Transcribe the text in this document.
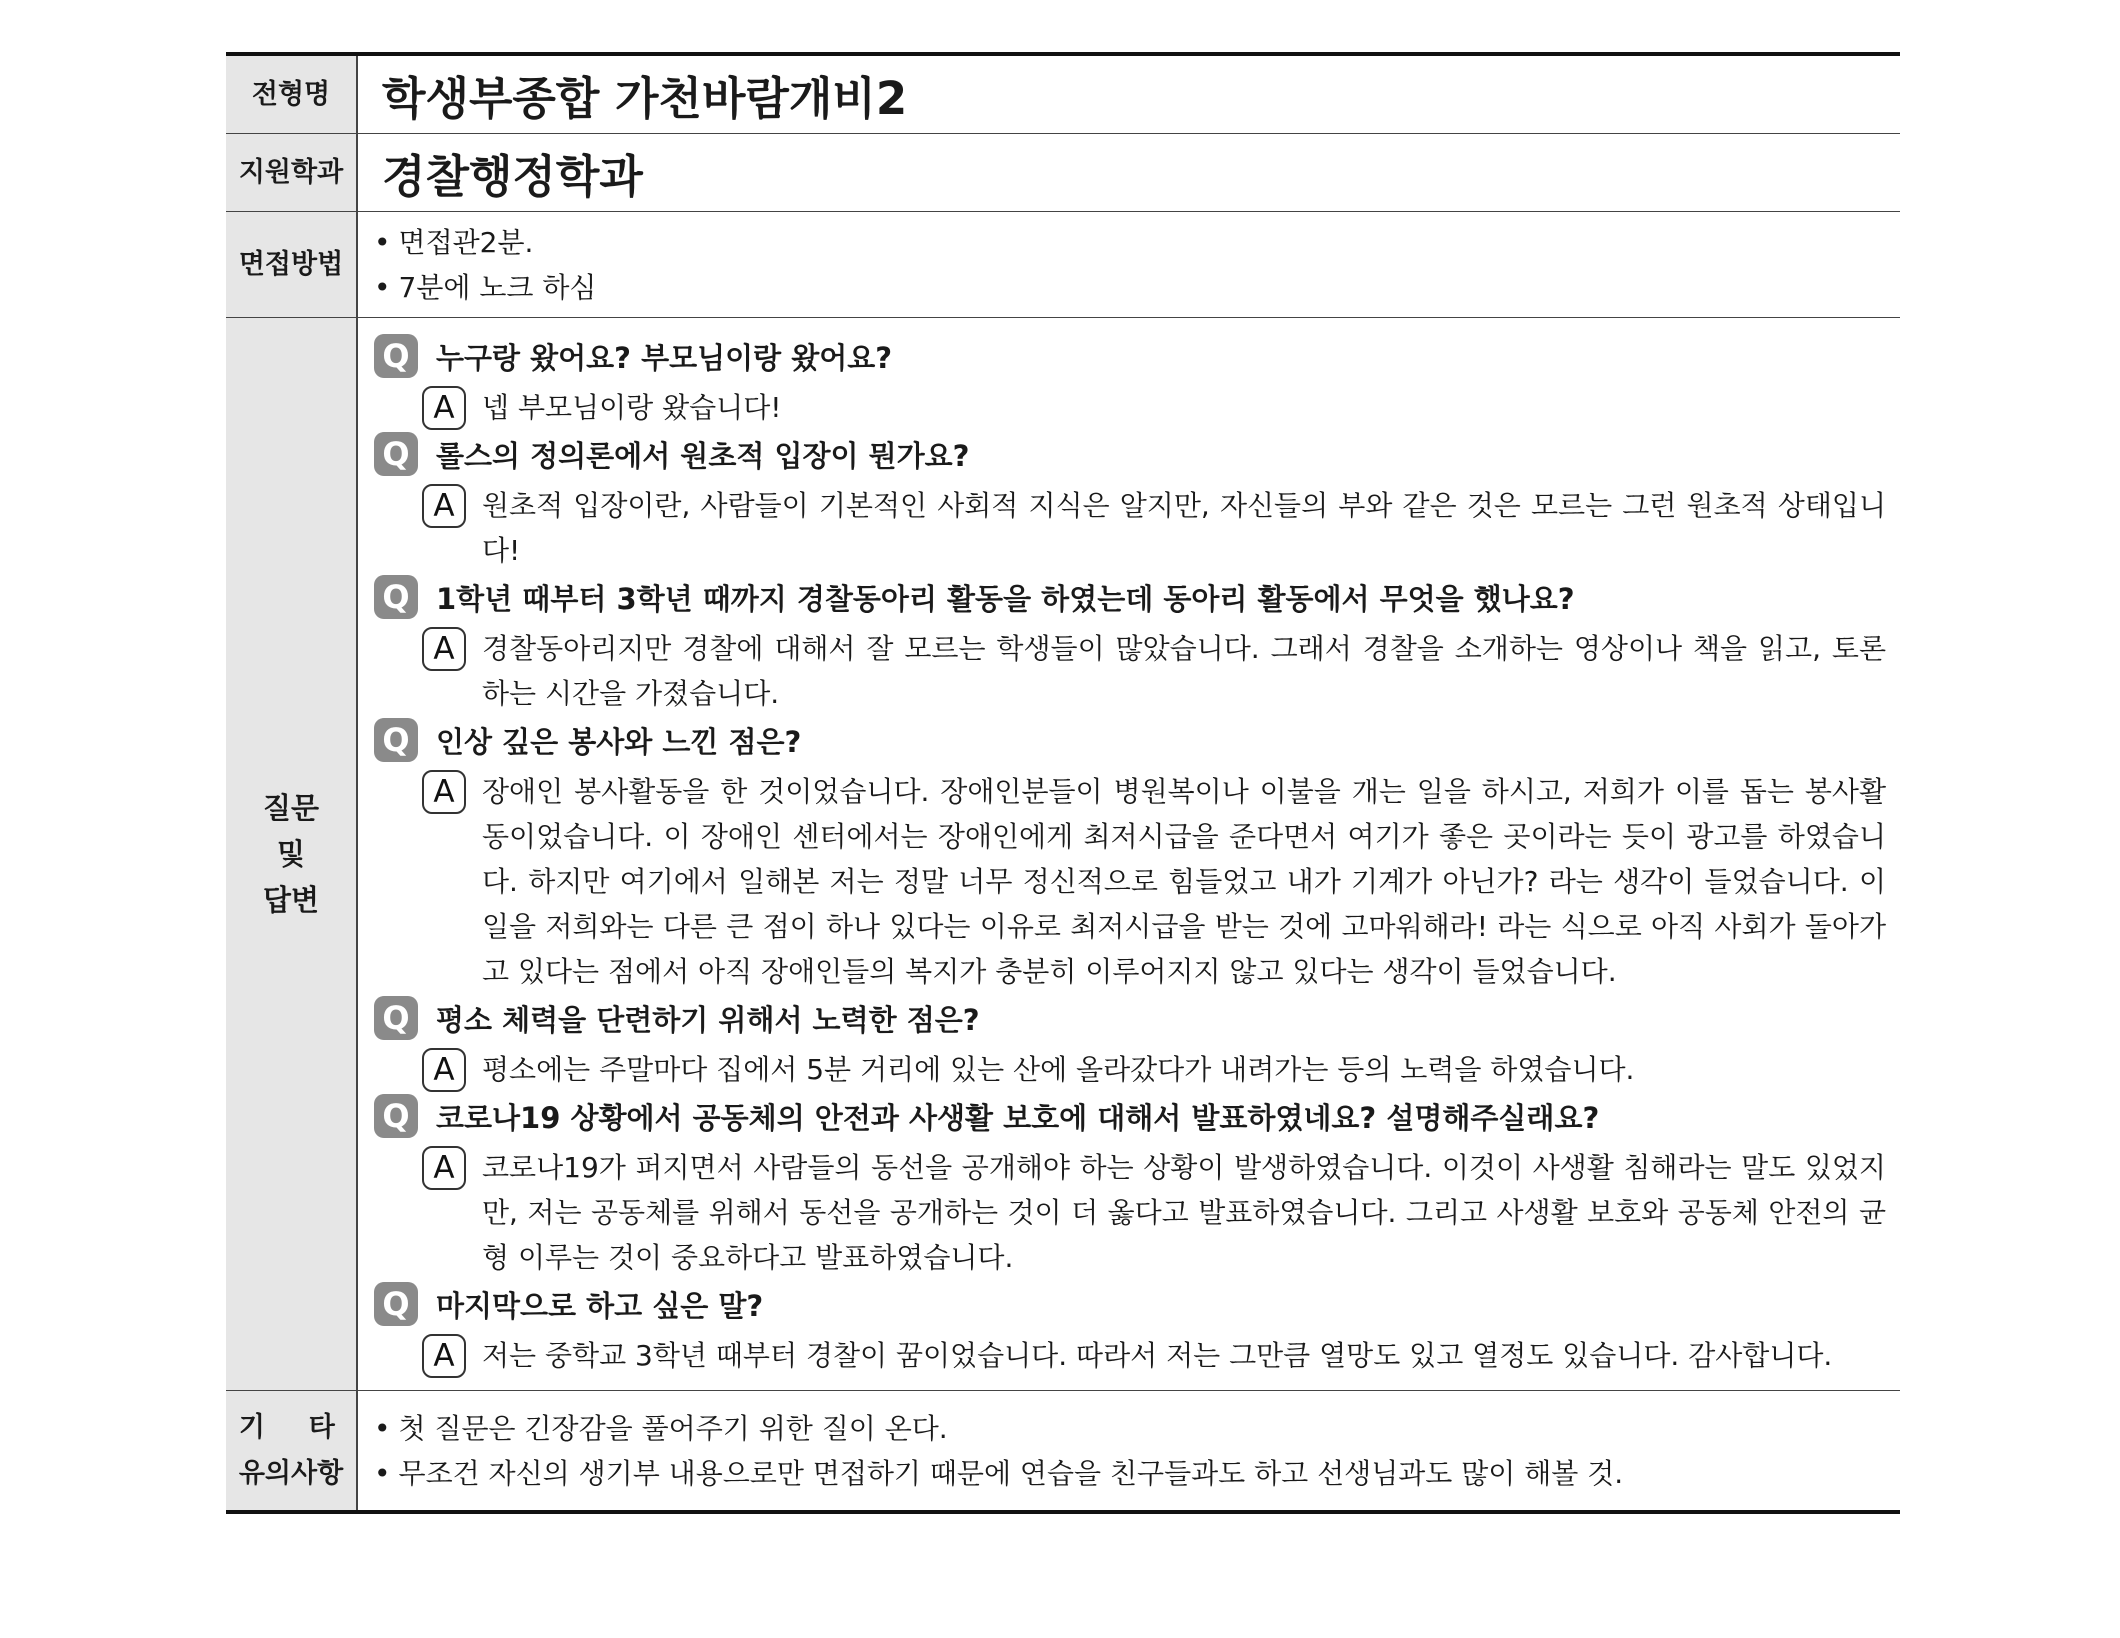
전형명	학생부종합 가천바람개비2
지원학과 경찰행정학과
면접방법
• 면접관2분.
• 7분에 노크 하심
질문
및
답변
Q 누구랑 왔어요? 부모님이랑 왔어요?
A 넵 부모님이랑 왔습니다!
Q 롤스의 정의론에서 원초적 입장이 뭔가요?
A 원초적 입장이란, 사람들이 기본적인 사회적 지식은 알지만, 자신들의 부와 같은 것은 모르는 그런 원초적 상태입니다!
Q 1학년 때부터 3학년 때까지 경찰동아리 활동을 하였는데 동아리 활동에서 무엇을 했나요?
A 경찰동아리지만 경찰에 대해서 잘 모르는 학생들이 많았습니다. 그래서 경찰을 소개하는 영상이나 책을 읽고, 토론하는 시간을 가졌습니다.
Q 인상 깊은 봉사와 느낀 점은?
A 장애인 봉사활동을 한 것이었습니다. 장애인분들이 병원복이나 이불을 개는 일을 하시고, 저희가 이를 돕는 봉사활동이었습니다. 이 장애인 센터에서는 장애인에게 최저시급을 준다면서 여기가 좋은 곳이라는 듯이 광고를 하였습니다. 하지만 여기에서 일해본 저는 정말 너무 정신적으로 힘들었고 내가 기계가 아닌가? 라는 생각이 들었습니다. 이 일을 저희와는 다른 큰 점이 하나 있다는 이유로 최저시급을 받는 것에 고마워해라! 라는 식으로 아직 사회가 돌아가고 있다는 점에서 아직 장애인들의 복지가 충분히 이루어지지 않고 있다는 생각이 들었습니다.
Q 평소 체력을 단련하기 위해서 노력한 점은?
A 평소에는 주말마다 집에서 5분 거리에 있는 산에 올라갔다가 내려가는 등의 노력을 하였습니다.
Q 코로나19 상황에서 공동체의 안전과 사생활 보호에 대해서 발표하였네요? 설명해주실래요?
A 코로나19가 퍼지면서 사람들의 동선을 공개해야 하는 상황이 발생하였습니다. 이것이 사생활 침해라는 말도 있었지만, 저는 공동체를 위해서 동선을 공개하는 것이 더 옳다고 발표하였습니다. 그리고 사생활 보호와 공동체 안전의 균형 이루는 것이 중요하다고 발표하였습니다.
Q 마지막으로 하고 싶은 말?
A 저는 중학교 3학년 때부터 경찰이 꿈이었습니다. 따라서 저는 그만큼 열망도 있고 열정도 있습니다. 감사합니다.
기 타
유의사항
• 첫 질문은 긴장감을 풀어주기 위한 질이 온다.
• 무조건 자신의 생기부 내용으로만 면접하기 때문에 연습을 친구들과도 하고 선생님과도 많이 해볼 것.
